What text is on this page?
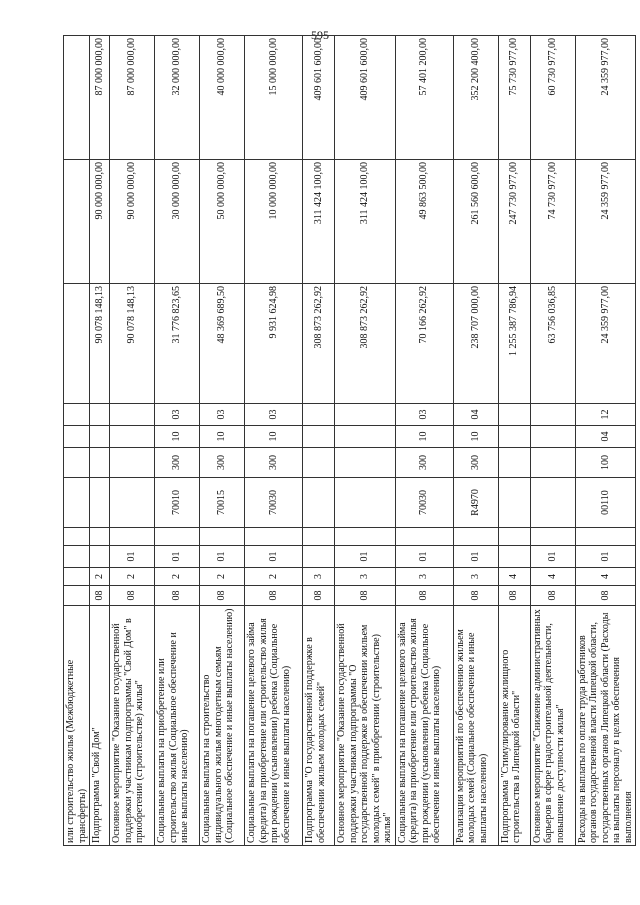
595
или строительство жилья (Межбюджетные трансферты)											
Подпрограмма "Свой Дом"	08	2							90 078 148,13	90 000 000,00	87 000 000,00
Основное мероприятие "Оказание государственной поддержки участникам подпрограммы "Свой Дом" в приобретении (строительстве) жилья"	08	2	01						90 078 148,13	90 000 000,00	87 000 000,00
Социальные выплаты на приобретение или строительство жилья (Социальное обеспечение и иные выплаты населению)	08	2	01		70010	300	10	03	31 776 823,65	30 000 000,00	32 000 000,00
Социальные выплаты на строительство индивидуального жилья многодетным семьям (Социальное обеспечение и иные выплаты населению)	08	2	01		70015	300	10	03	48 369 689,50	50 000 000,00	40 000 000,00
Социальные выплаты на погашение целевого займа (кредита) на приобретение или строительство жилья при рождении (усыновлении) ребенка (Социальное обеспечение и иные выплаты населению)	08	2	01		70030	300	10	03	9 931 624,98	10 000 000,00	15 000 000,00
Подпрограмма "О государственной поддержке в обеспечении жильем молодых семей"	08	3							308 873 262,92	311 424 100,00	409 601 600,00
Основное мероприятие "Оказание государственной поддержки участникам подпрограммы "О государственной поддержке в обеспечении жильем молодых семей" в приобретении (строительстве) жилья"	08	3	01						308 873 262,92	311 424 100,00	409 601 600,00
Социальные выплаты на погашение целевого займа (кредита) на приобретение или строительство жилья при рождении (усыновлении) ребенка (Социальное обеспечение и иные выплаты населению)	08	3	01		70030	300	10	03	70 166 262,92	49 863 500,00	57 401 200,00
Реализация мероприятий по обеспечению жильем молодых семей (Социальное обеспечение и иные выплаты населению)	08	3	01		R4970	300	10	04	238 707 000,00	261 560 600,00	352 200 400,00
Подпрограмма "Стимулирование жилищного строительства в Липецкой области"	08	4							1 255 387 786,94	247 730 977,00	75 730 977,00
Основное мероприятие "Снижение административных барьеров в сфере градостроительной деятельности, повышение доступности жилья"	08	4	01						63 756 036,85	74 730 977,00	60 730 977,00
Расходы на выплаты по оплате труда работников органов государственной власти Липецкой области, государственных органов Липецкой области (Расходы на выплаты персоналу в целях обеспечения выполнения	08	4	01		00110	100	04	12	24 359 977,00	24 359 977,00	24 359 977,00
